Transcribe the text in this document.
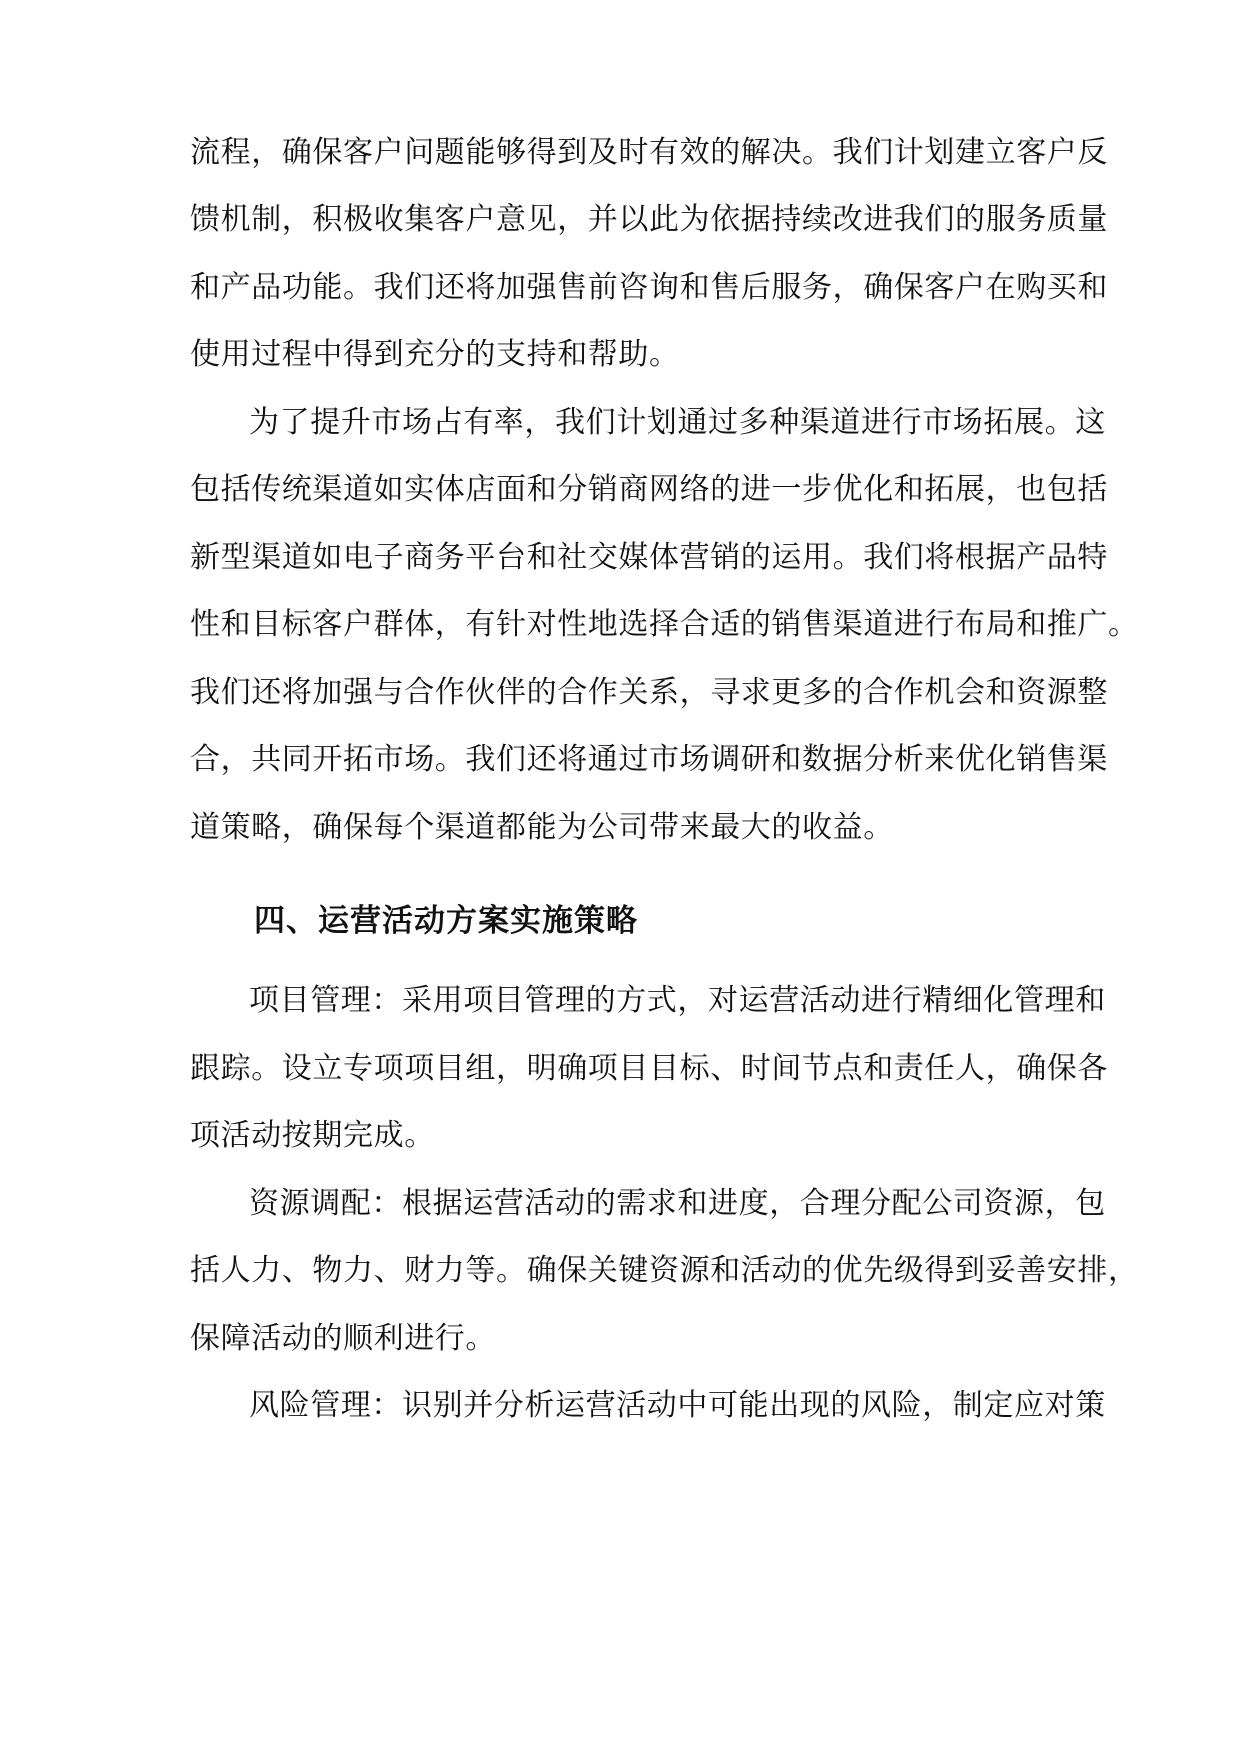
流程，确保客户问题能够得到及时有效的解决。我们计划建立客户反
馈机制，积极收集客户意见，并以此为依据持续改进我们的服务质量
和产品功能。我们还将加强售前咨询和售后服务，确保客户在购买和
使用过程中得到充分的支持和帮助。
为了提升市场占有率，我们计划通过多种渠道进行市场拓展。这
包括传统渠道如实体店面和分销商网络的进一步优化和拓展，也包括
新型渠道如电子商务平台和社交媒体营销的运用。我们将根据产品特
性和目标客户群体，有针对性地选择合适的销售渠道进行布局和推广。
我们还将加强与合作伙伴的合作关系，寻求更多的合作机会和资源整
合，共同开拓市场。我们还将通过市场调研和数据分析来优化销售渠
道策略，确保每个渠道都能为公司带来最大的收益。
四、运营活动方案实施策略
项目管理：采用项目管理的方式，对运营活动进行精细化管理和
跟踪。设立专项项目组，明确项目目标、时间节点和责任人，确保各
项活动按期完成。
资源调配：根据运营活动的需求和进度，合理分配公司资源，包
括人力、物力、财力等。确保关键资源和活动的优先级得到妥善安排，
保障活动的顺利进行。
风险管理：识别并分析运营活动中可能出现的风险，制定应对策
